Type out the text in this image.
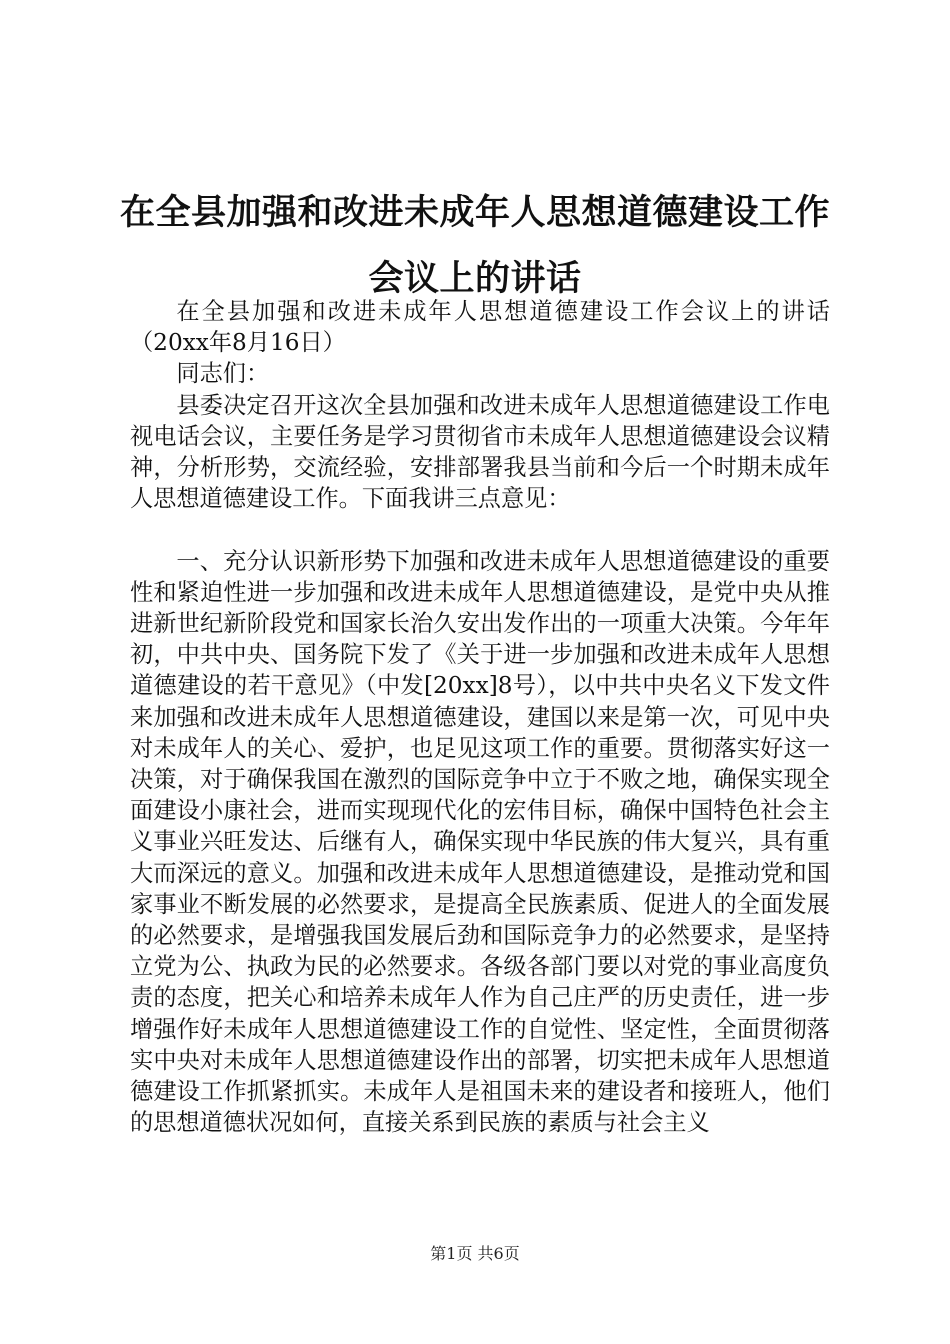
在全县加强和改进未成年人思想道德建设工作
会议上的讲话

在全县加强和改进未成年人思想道德建设工作会议上的讲话（20xx年8月16日）

同志们：

县委决定召开这次全县加强和改进未成年人思想道德建设工作电视电话会议，主要任务是学习贯彻省市未成年人思想道德建设会议精神，分析形势，交流经验，安排部署我县当前和今后一个时期未成年人思想道德建设工作。下面我讲三点意见：

一、充分认识新形势下加强和改进未成年人思想道德建设的重要性和紧迫性进一步加强和改进未成年人思想道德建设，是党中央从推进新世纪新阶段党和国家长治久安出发作出的一项重大决策。今年年初，中共中央、国务院下发了《关于进一步加强和改进未成年人思想道德建设的若干意见》（中发[20xx]8号），以中共中央名义下发文件来加强和改进未成年人思想道德建设，建国以来是第一次，可见中央对未成年人的关心、爱护，也足见这项工作的重要。贯彻落实好这一决策，对于确保我国在激烈的国际竞争中立于不败之地，确保实现全面建设小康社会，进而实现现代化的宏伟目标，确保中国特色社会主义事业兴旺发达、后继有人，确保实现中华民族的伟大复兴，具有重大而深远的意义。加强和改进未成年人思想道德建设，是推动党和国家事业不断发展的必然要求，是提高全民族素质、促进人的全面发展的必然要求，是增强我国发展后劲和国际竞争力的必然要求，是坚持立党为公、执政为民的必然要求。各级各部门要以对党的事业高度负责的态度，把关心和培养未成年人作为自己庄严的历史责任，进一步增强作好未成年人思想道德建设工作的自觉性、坚定性，全面贯彻落实中央对未成年人思想道德建设作出的部署，切实把未成年人思想道德建设工作抓紧抓实。未成年人是祖国未来的建设者和接班人，他们的思想道德状况如何，直接关系到民族的素质与社会主义

第1页 共6页
